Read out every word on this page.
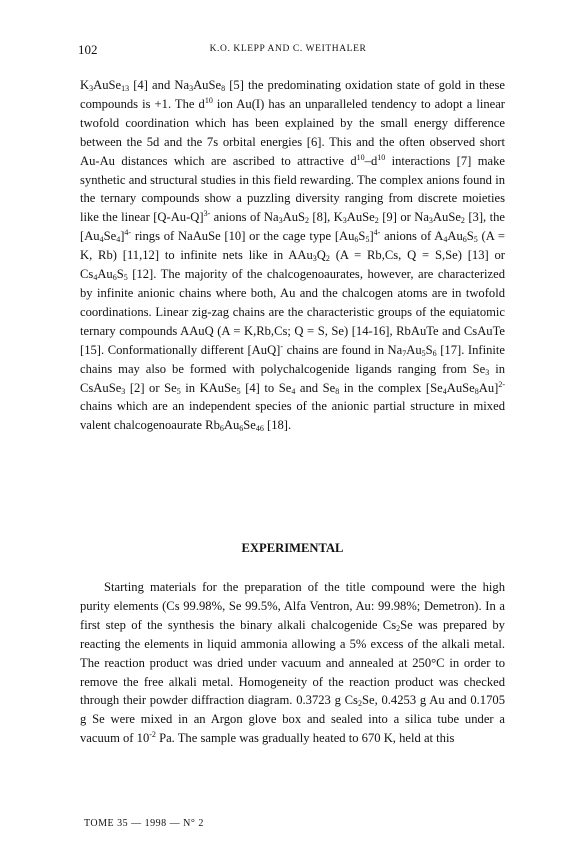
102	K.O. KLEPP AND C. WEITHALER

$K_3AuSe_{13}$ [4] and $Na_3AuSe_8$ [5] the predominating oxidation state of gold in these compounds is +1. The $d^{10}$ ion Au(I) has an unparalleled tendency to adopt a linear twofold coordination which has been explained by the small energy difference between the 5d and the 7s orbital energies [6]. This and the often observed short Au-Au distances which are ascribed to attractive $d^{10}-d^{10}$ interactions [7] make synthetic and structural studies in this field rewarding. The complex anions found in the ternary compounds show a puzzling diversity ranging from discrete moieties like the linear $[Q-Au-Q]^{3-}$ anions of $Na_3AuS_2$ [8], $K_3AuSe_2$ [9] or $Na_3AuSe_2$ [3], the $[Au_4Se_4]^{4-}$ rings of NaAuSe [10] or the cage type $[Au_6S_5]^{4-}$ anions of $A_4Au_6S_5$ (A = K, Rb) [11,12] to infinite nets like in $AAu_3Q_2$ (A = Rb,Cs, Q = S,Se) [13] or $Cs_4Au_6S_5$ [12]. The majority of the chalcogenoaurates, however, are characterized by infinite anionic chains where both, Au and the chalcogen atoms are in twofold coordinations. Linear zig-zag chains are the characteristic groups of the equiatomic ternary compounds AAuQ (A = K,Rb,Cs; Q = S, Se) [14-16], RbAuTe and CsAuTe [15]. Conformationally different [AuQ]- chains are found in $Na_7Au_5S_6$ [17]. Infinite chains may also be formed with polychalcogenide ligands ranging from $Se_3$ in CsAuSe$_3$ [2] or $Se_5$ in KAuSe$_5$ [4] to $Se_4$ and $Se_8$ in the complex $[Se_4AuSe_8Au]^{2-}$ chains which are an independent species of the anionic partial structure in mixed valent chalcogenoaurate $Rb_6Au_6Se_{46}$ [18].

EXPERIMENTAL

Starting materials for the preparation of the title compound were the high purity elements (Cs 99.98%, Se 99.5%, Alfa Ventron, Au: 99.98%; Demetron). In a first step of the synthesis the binary alkali chalcogenide $Cs_2Se$ was prepared by reacting the elements in liquid ammonia allowing a 5% excess of the alkali metal. The reaction product was dried under vacuum and annealed at 250°C in order to remove the free alkali metal. Homogeneity of the reaction product was checked through their powder diffraction diagram. 0.3723 g $Cs_2Se$, 0.4253 g Au and 0.1705 g Se were mixed in an Argon glove box and sealed into a silica tube under a vacuum of $10^{-2}$ Pa. The sample was gradually heated to 670 K, held at this

TOME 35 — 1998 — N° 2
